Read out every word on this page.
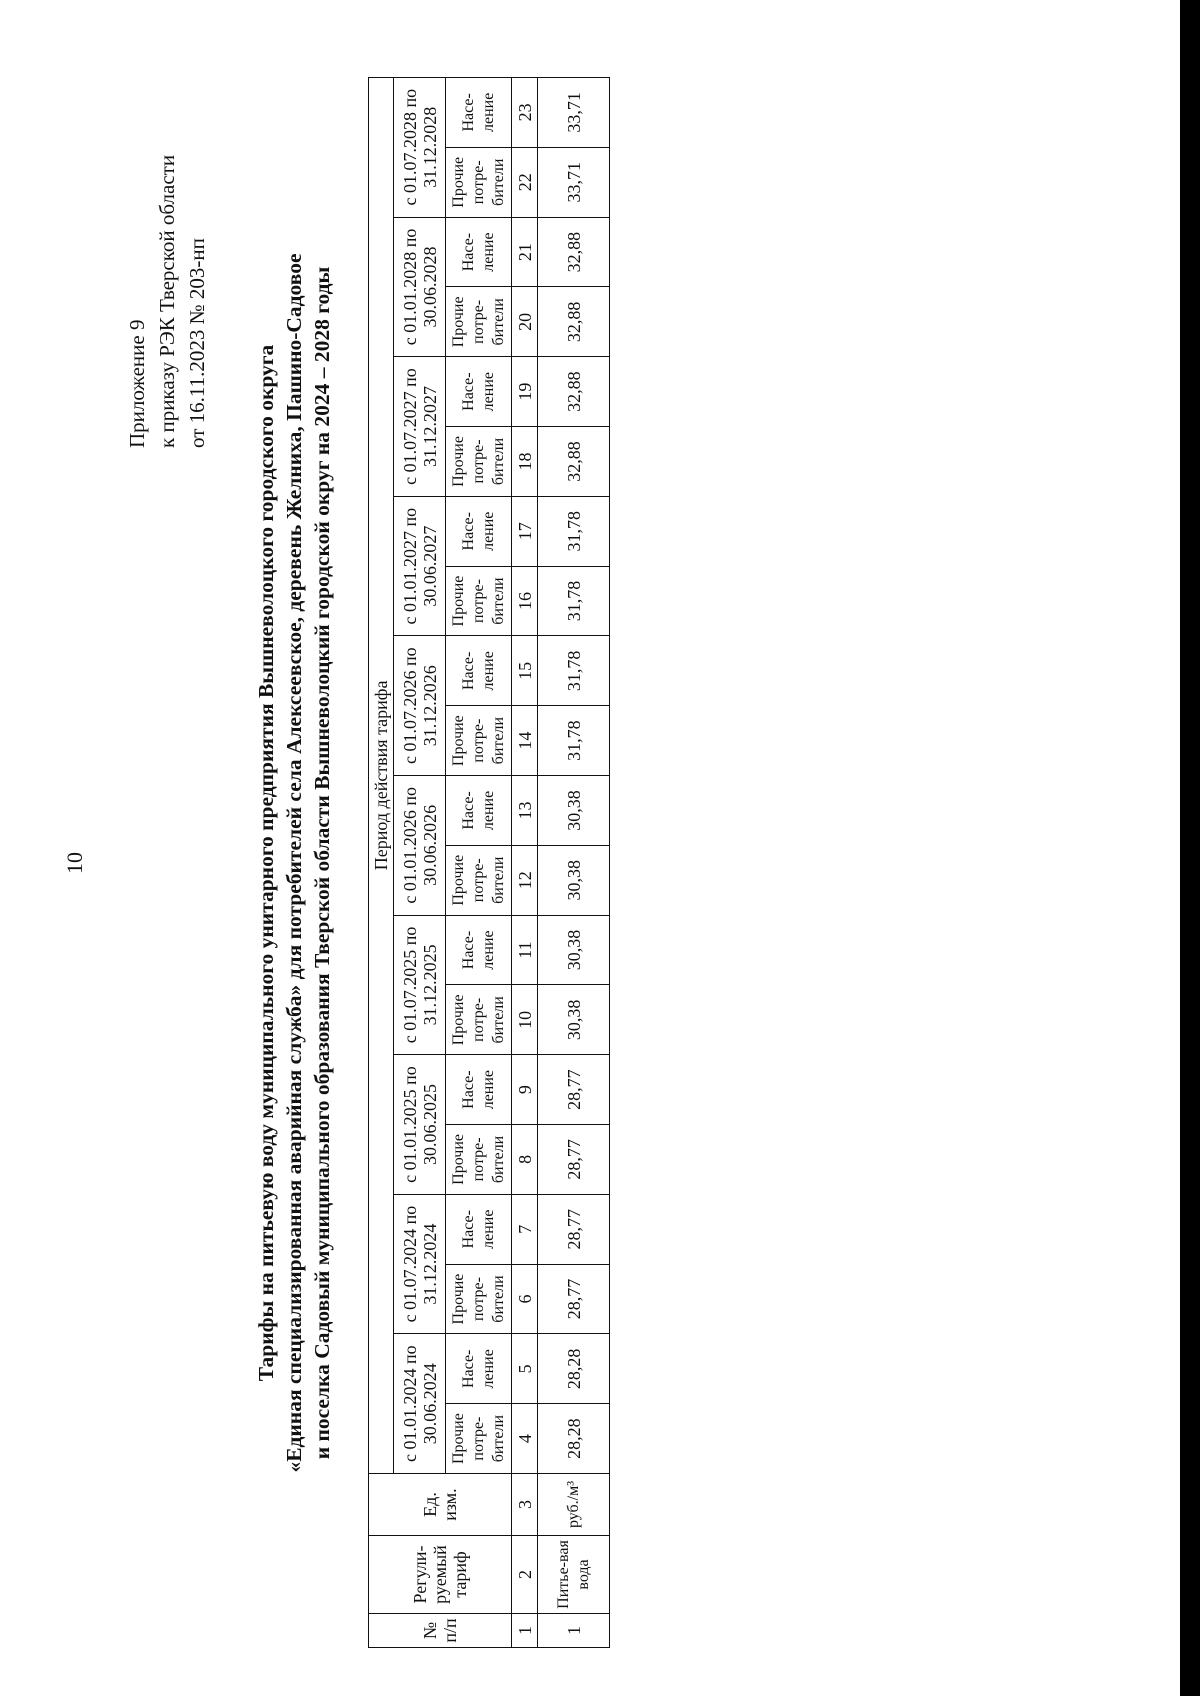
10
Приложение 9 к приказу РЭК Тверской области от 16.11.2023 № 203-нп
Тарифы на питьевую воду муниципального унитарного предприятия Вышневолоцкого городского округа «Единая специализированная аварийная служба» для потребителей села Алексеевское, деревень Желниха, Пашино-Садовое и поселка Садовый муниципального образования Тверской области Вышневолоцкий городской округ на 2024 – 2028 годы
№ п/п	Регули-руемый тариф	Ед. изм.	Период действия тарифа																			
			с 01.01.2024 по 30.06.2024		с 01.07.2024 по 31.12.2024		с 01.01.2025 по 30.06.2025		с 01.07.2025 по 31.12.2025		с 01.01.2026 по 30.06.2026		с 01.07.2026 по 31.12.2026		с 01.01.2027 по 30.06.2027		с 01.07.2027 по 31.12.2027		с 01.01.2028 по 30.06.2028		с 01.07.2028 по 31.12.2028	
			Прочие потре-бители	Насе-ление	Прочие потре-бители	Насе-ление	Прочие потре-бители	Насе-ление	Прочие потре-бители	Насе-ление	Прочие потре-бители	Насе-ление	Прочие потре-бители	Насе-ление	Прочие потре-бители	Насе-ление	Прочие потре-бители	Насе-ление	Прочие потре-бители	Насе-ление	Прочие потре-бители	Насе-ление
1	2	3	4	5	6	7	8	9	10	11	12	13	14	15	16	17	18	19	20	21	22	23
1	Питье-вая вода	руб./м³	28,28	28,28	28,77	28,77	28,77	28,77	30,38	30,38	30,38	30,38	31,78	31,78	31,78	31,78	32,88	32,88	32,88	32,88	33,71	33,71
